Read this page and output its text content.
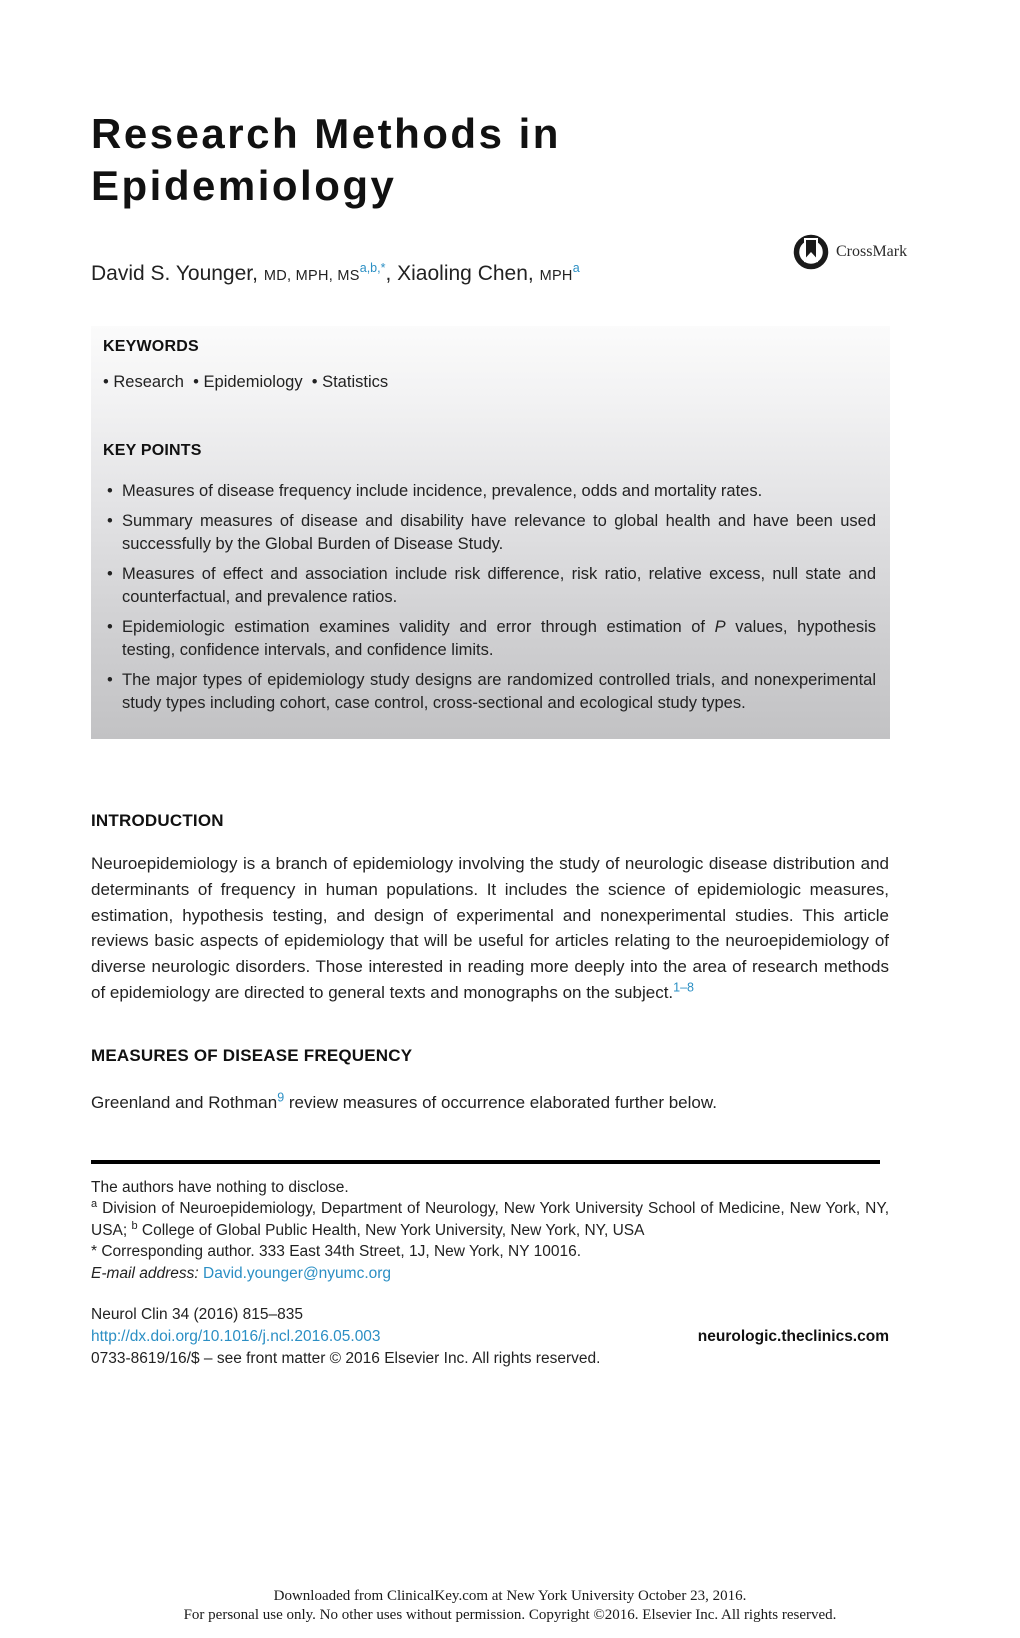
Research Methods in
Epidemiology
CrossMark
David S. Younger, MD, MPH, $MS^{a,b,*}$, Xiaoling Chen, MPH$^a$
KEYWORDS
• Research  • Epidemiology  • Statistics
KEY POINTS
• Measures of disease frequency include incidence, prevalence, odds and mortality rates.
• Summary measures of disease and disability have relevance to global health and have been used successfully by the Global Burden of Disease Study.
• Measures of effect and association include risk difference, risk ratio, relative excess, null state and counterfactual, and prevalence ratios.
• Epidemiologic estimation examines validity and error through estimation of P values, hypothesis testing, confidence intervals, and confidence limits.
• The major types of epidemiology study designs are randomized controlled trials, and nonexperimental study types including cohort, case control, cross-sectional and ecological study types.
INTRODUCTION

Neuroepidemiology is a branch of epidemiology involving the study of neurologic disease distribution and determinants of frequency in human populations. It includes the science of epidemiologic measures, estimation, hypothesis testing, and design of experimental and nonexperimental studies. This article reviews basic aspects of epidemiology that will be useful for articles relating to the neuroepidemiology of diverse neurologic disorders. Those interested in reading more deeply into the area of research methods of epidemiology are directed to general texts and monographs on the subject.$^{1-8}$

MEASURES OF DISEASE FREQUENCY

Greenland and Rothman$^9$ review measures of occurrence elaborated further below.

The authors have nothing to disclose.
$^a$ Division of Neuroepidemiology, Department of Neurology, New York University School of Medicine, New York, NY, USA; $^b$ College of Global Public Health, New York University, New York, NY, USA
* Corresponding author. 333 East 34th Street, 1J, New York, NY 10016.
E-mail address: David.younger@nyumc.org
Neurol Clin 34 (2016) 815–835
http://dx.doi.org/10.1016/j.ncl.2016.05.003	neurologic.theclinics.com
0733-8619/16/$ – see front matter © 2016 Elsevier Inc. All rights reserved.
Downloaded from ClinicalKey.com at New York University October 23, 2016.
For personal use only. No other uses without permission. Copyright ©2016. Elsevier Inc. All rights reserved.
